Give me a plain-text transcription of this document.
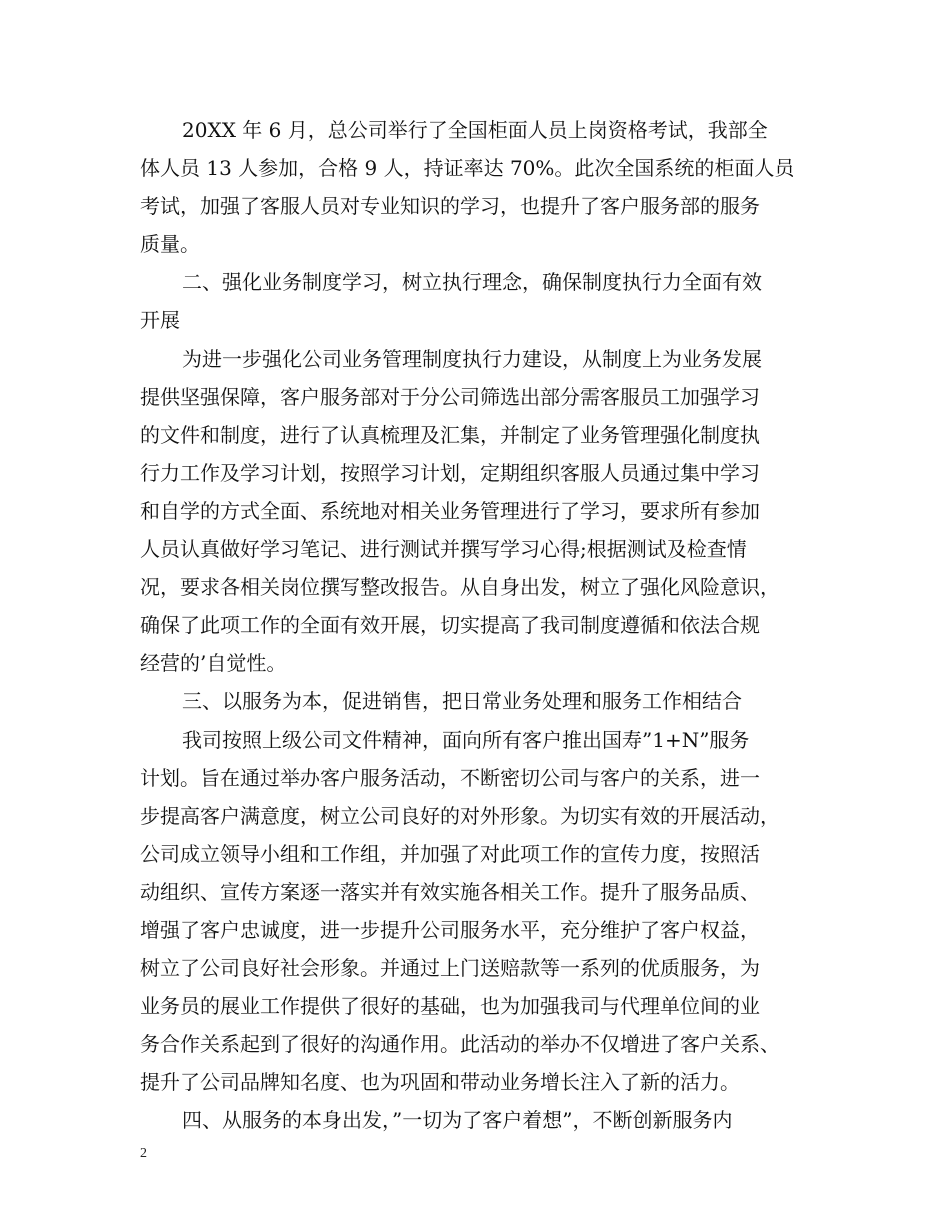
20XX 年 6 月，总公司举行了全国柜面人员上岗资格考试，我部全
体人员 13 人参加，合格 9 人，持证率达 70%。此次全国系统的柜面人员
考试，加强了客服人员对专业知识的学习，也提升了客户服务部的服务
质量。
二、强化业务制度学习，树立执行理念，确保制度执行力全面有效
开展
为进一步强化公司业务管理制度执行力建设，从制度上为业务发展
提供坚强保障，客户服务部对于分公司筛选出部分需客服员工加强学习
的文件和制度，进行了认真梳理及汇集，并制定了业务管理强化制度执
行力工作及学习计划，按照学习计划，定期组织客服人员通过集中学习
和自学的方式全面、系统地对相关业务管理进行了学习，要求所有参加
人员认真做好学习笔记、进行测试并撰写学习心得;根据测试及检查情
况，要求各相关岗位撰写整改报告。从自身出发，树立了强化风险意识，
确保了此项工作的全面有效开展，切实提高了我司制度遵循和依法合规
经营的’自觉性。
三、以服务为本，促进销售，把日常业务处理和服务工作相结合
我司按照上级公司文件精神，面向所有客户推出国寿”1+N”服务
计划。旨在通过举办客户服务活动，不断密切公司与客户的关系，进一
步提高客户满意度，树立公司良好的对外形象。为切实有效的开展活动，
公司成立领导小组和工作组，并加强了对此项工作的宣传力度，按照活
动组织、宣传方案逐一落实并有效实施各相关工作。提升了服务品质、
增强了客户忠诚度，进一步提升公司服务水平，充分维护了客户权益，
树立了公司良好社会形象。并通过上门送赔款等一系列的优质服务，为
业务员的展业工作提供了很好的基础，也为加强我司与代理单位间的业
务合作关系起到了很好的沟通作用。此活动的举办不仅增进了客户关系、
提升了公司品牌知名度、也为巩固和带动业务增长注入了新的活力。
四、从服务的本身出发，”一切为了客户着想”，不断创新服务内
2
